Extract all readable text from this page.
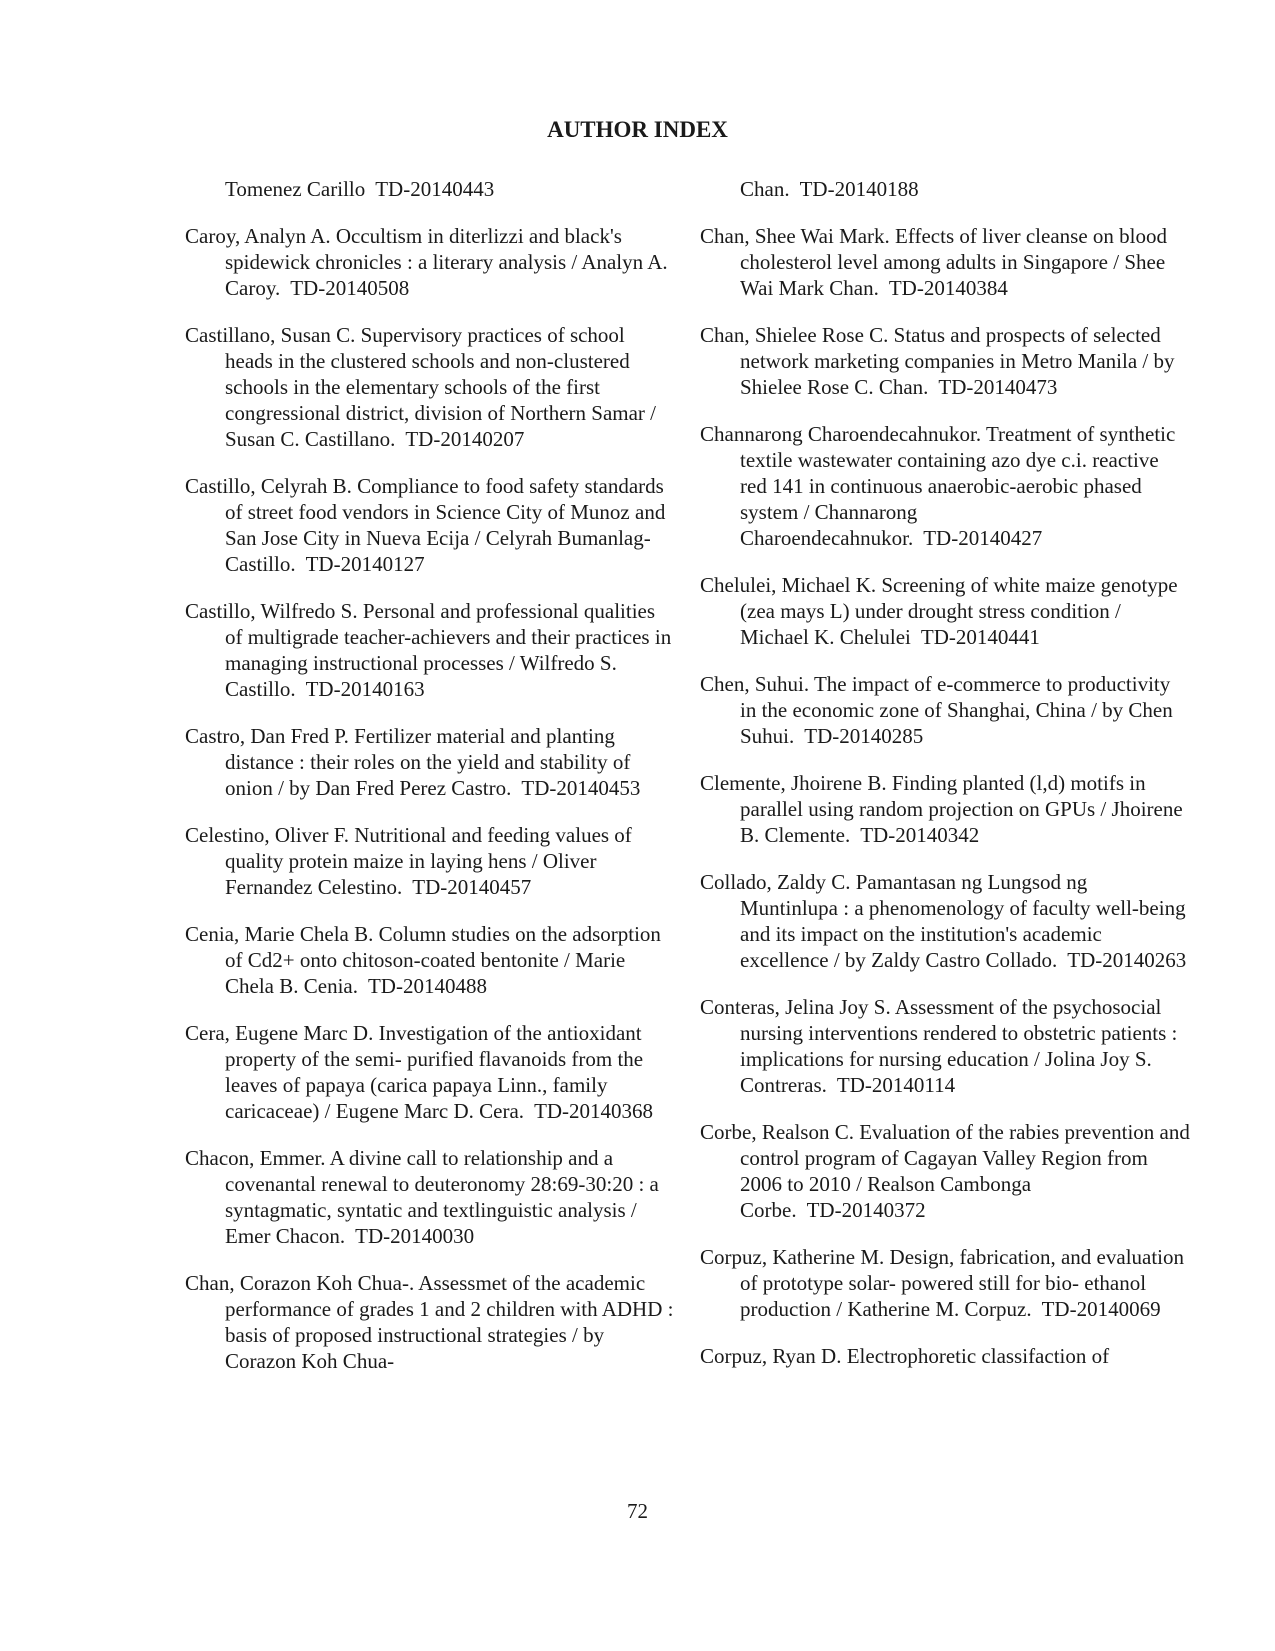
AUTHOR INDEX

Tomenez Carillo TD-20140443

Caroy, Analyn A. Occultism in diterlizzi and black's spidewick chronicles : a literary analysis / Analyn A. Caroy. TD-20140508

Castillano, Susan C. Supervisory practices of school heads in the clustered schools and non-clustered schools in the elementary schools of the first congressional district, division of Northern Samar / Susan C. Castillano. TD-20140207

Castillo, Celyrah B. Compliance to food safety standards of street food vendors in Science City of Munoz and San Jose City in Nueva Ecija / Celyrah Bumanlag- Castillo. TD-20140127

Castillo, Wilfredo S. Personal and professional qualities of multigrade teacher-achievers and their practices in managing instructional processes / Wilfredo S. Castillo. TD-20140163

Castro, Dan Fred P. Fertilizer material and planting distance : their roles on the yield and stability of onion / by Dan Fred Perez Castro. TD-20140453

Celestino, Oliver F. Nutritional and feeding values of quality protein maize in laying hens / Oliver Fernandez Celestino. TD-20140457

Cenia, Marie Chela B. Column studies on the adsorption of Cd2+ onto chitoson-coated bentonite / Marie Chela B. Cenia. TD-20140488

Cera, Eugene Marc D. Investigation of the antioxidant property of the semi- purified flavanoids from the leaves of papaya (carica papaya Linn., family caricaceae) / Eugene Marc D. Cera. TD-20140368

Chacon, Emmer. A divine call to relationship and a covenantal renewal to deuteronomy 28:69-30:20 : a syntagmatic, syntatic and textlinguistic analysis / Emer Chacon. TD-20140030

Chan, Corazon Koh Chua-. Assessmet of the academic performance of grades 1 and 2 children with ADHD : basis of proposed instructional strategies / by Corazon Koh Chua-

Chan. TD-20140188

Chan, Shee Wai Mark. Effects of liver cleanse on blood cholesterol level among adults in Singapore / Shee Wai Mark Chan. TD-20140384

Chan, Shielee Rose C. Status and prospects of selected network marketing companies in Metro Manila / by Shielee Rose C. Chan. TD-20140473

Channarong Charoendecahnukor. Treatment of synthetic textile wastewater containing azo dye c.i. reactive red 141 in continuous anaerobic-aerobic phased system / Channarong Charoendecahnukor. TD-20140427

Chelulei, Michael K. Screening of white maize genotype (zea mays L) under drought stress condition / Michael K. Chelulei TD-20140441

Chen, Suhui. The impact of e-commerce to productivity in the economic zone of Shanghai, China / by Chen Suhui. TD-20140285

Clemente, Jhoirene B. Finding planted (l,d) motifs in parallel using random projection on GPUs / Jhoirene B. Clemente. TD-20140342

Collado, Zaldy C. Pamantasan ng Lungsod ng Muntinlupa : a phenomenology of faculty well-being and its impact on the institution's academic excellence / by Zaldy Castro Collado. TD-20140263

Conteras, Jelina Joy S. Assessment of the psychosocial nursing interventions rendered to obstetric patients : implications for nursing education / Jolina Joy S. Contreras. TD-20140114

Corbe, Realson C. Evaluation of the rabies prevention and control program of Cagayan Valley Region from 2006 to 2010 / Realson Cambonga Corbe. TD-20140372

Corpuz, Katherine M. Design, fabrication, and evaluation of prototype solar- powered still for bio- ethanol production / Katherine M. Corpuz. TD-20140069

Corpuz, Ryan D. Electrophoretic classifaction of

72
